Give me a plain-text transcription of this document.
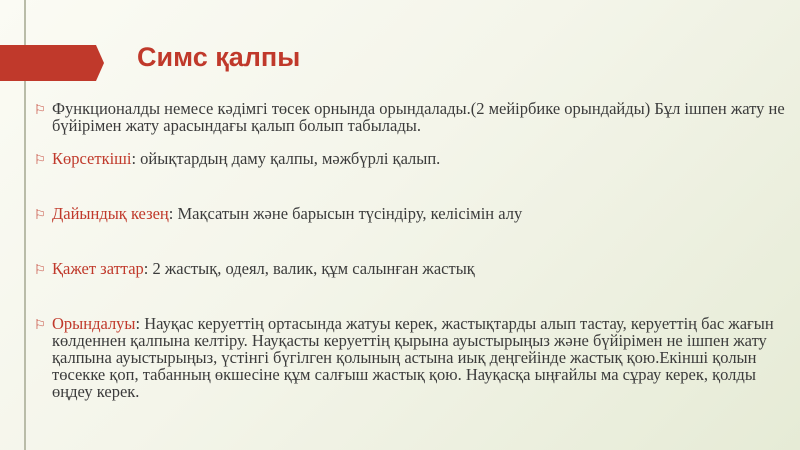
Симс қалпы
⚐ Функционалды немесе кәдімгі төсек орнында орындалады.(2 мейірбике орындайды) Бұл ішпен жату не бүйірімен жату арасындағы қалып болып табылады.
⚐ Көрсеткіші: ойықтардың даму қалпы, мәжбүрлі қалып.
⚐ Дайындық кезең: Мақсатын және барысын түсіндіру, келісімін алу
⚐ Қажет заттар: 2 жастық, одеял, валик, құм салынған жастық
⚐ Орындалуы: Науқас керуеттің ортасында жатуы керек, жастықтарды алып тастау, керуеттің бас жағын көлденнен қалпына келтіру. Науқасты керуеттің қырына ауыстырыңыз және бүйірімен не ішпен жату қалпына ауыстырыңыз, үстінгі бүгілген қолының астына иық деңгейінде жастық қою.Екінші қолын төсекке қоп, табанның өкшесіне құм салғыш жастық қою. Науқасқа ыңғайлы ма сұрау керек, қолды өңдеу керек.
